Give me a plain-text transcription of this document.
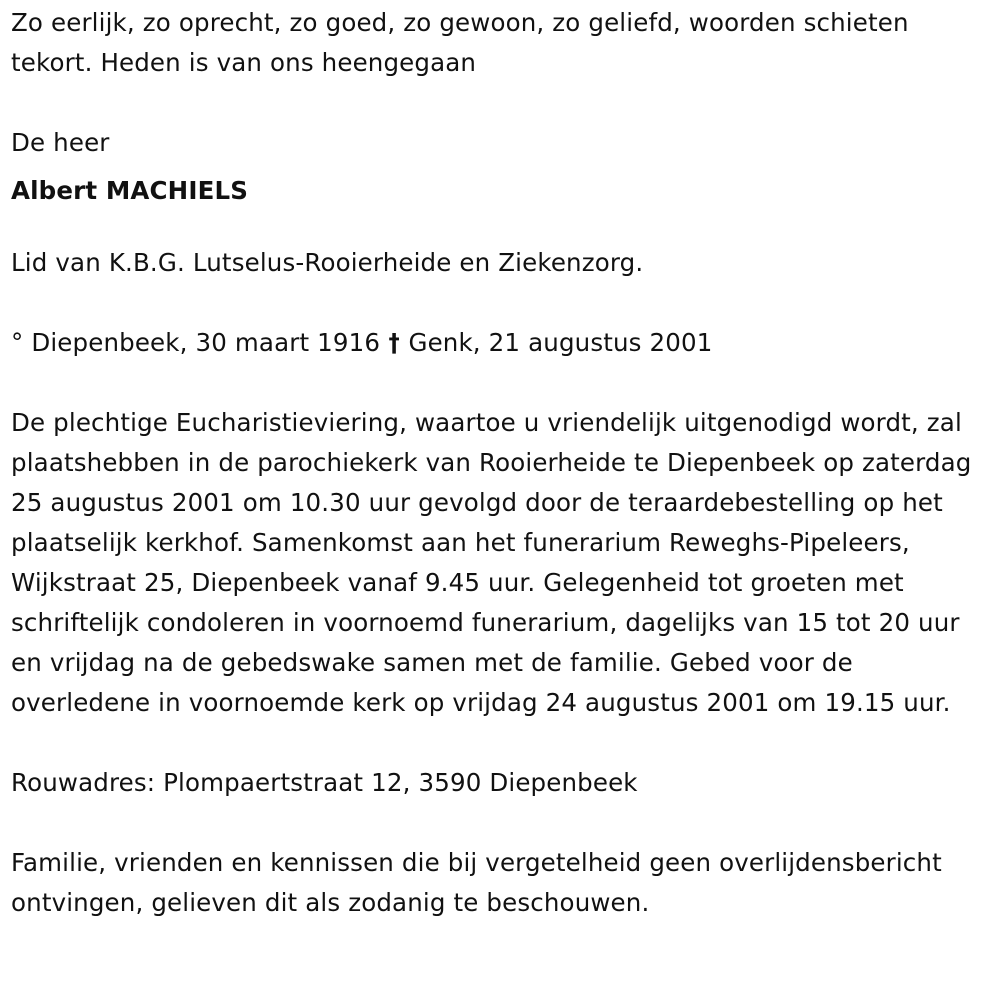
Zo eerlijk, zo oprecht, zo goed, zo gewoon, zo geliefd, woorden schieten tekort. Heden is van ons heengegaan

De heer

Albert MACHIELS

Lid van K.B.G. Lutselus-Rooierheide en Ziekenzorg.

° Diepenbeek, 30 maart 1916 † Genk, 21 augustus 2001

De plechtige Eucharistieviering, waartoe u vriendelijk uitgenodigd wordt, zal plaatshebben in de parochiekerk van Rooierheide te Diepenbeek op zaterdag 25 augustus 2001 om 10.30 uur gevolgd door de teraardebestelling op het plaatselijk kerkhof. Samenkomst aan het funerarium Reweghs-Pipeleers, Wijkstraat 25, Diepenbeek vanaf 9.45 uur. Gelegenheid tot groeten met schriftelijk condoleren in voornoemd funerarium, dagelijks van 15 tot 20 uur en vrijdag na de gebedswake samen met de familie. Gebed voor de overledene in voornoemde kerk op vrijdag 24 augustus 2001 om 19.15 uur.

Rouwadres: Plompaertstraat 12, 3590 Diepenbeek

Familie, vrienden en kennissen die bij vergetelheid geen overlijdensbericht ontvingen, gelieven dit als zodanig te beschouwen.
